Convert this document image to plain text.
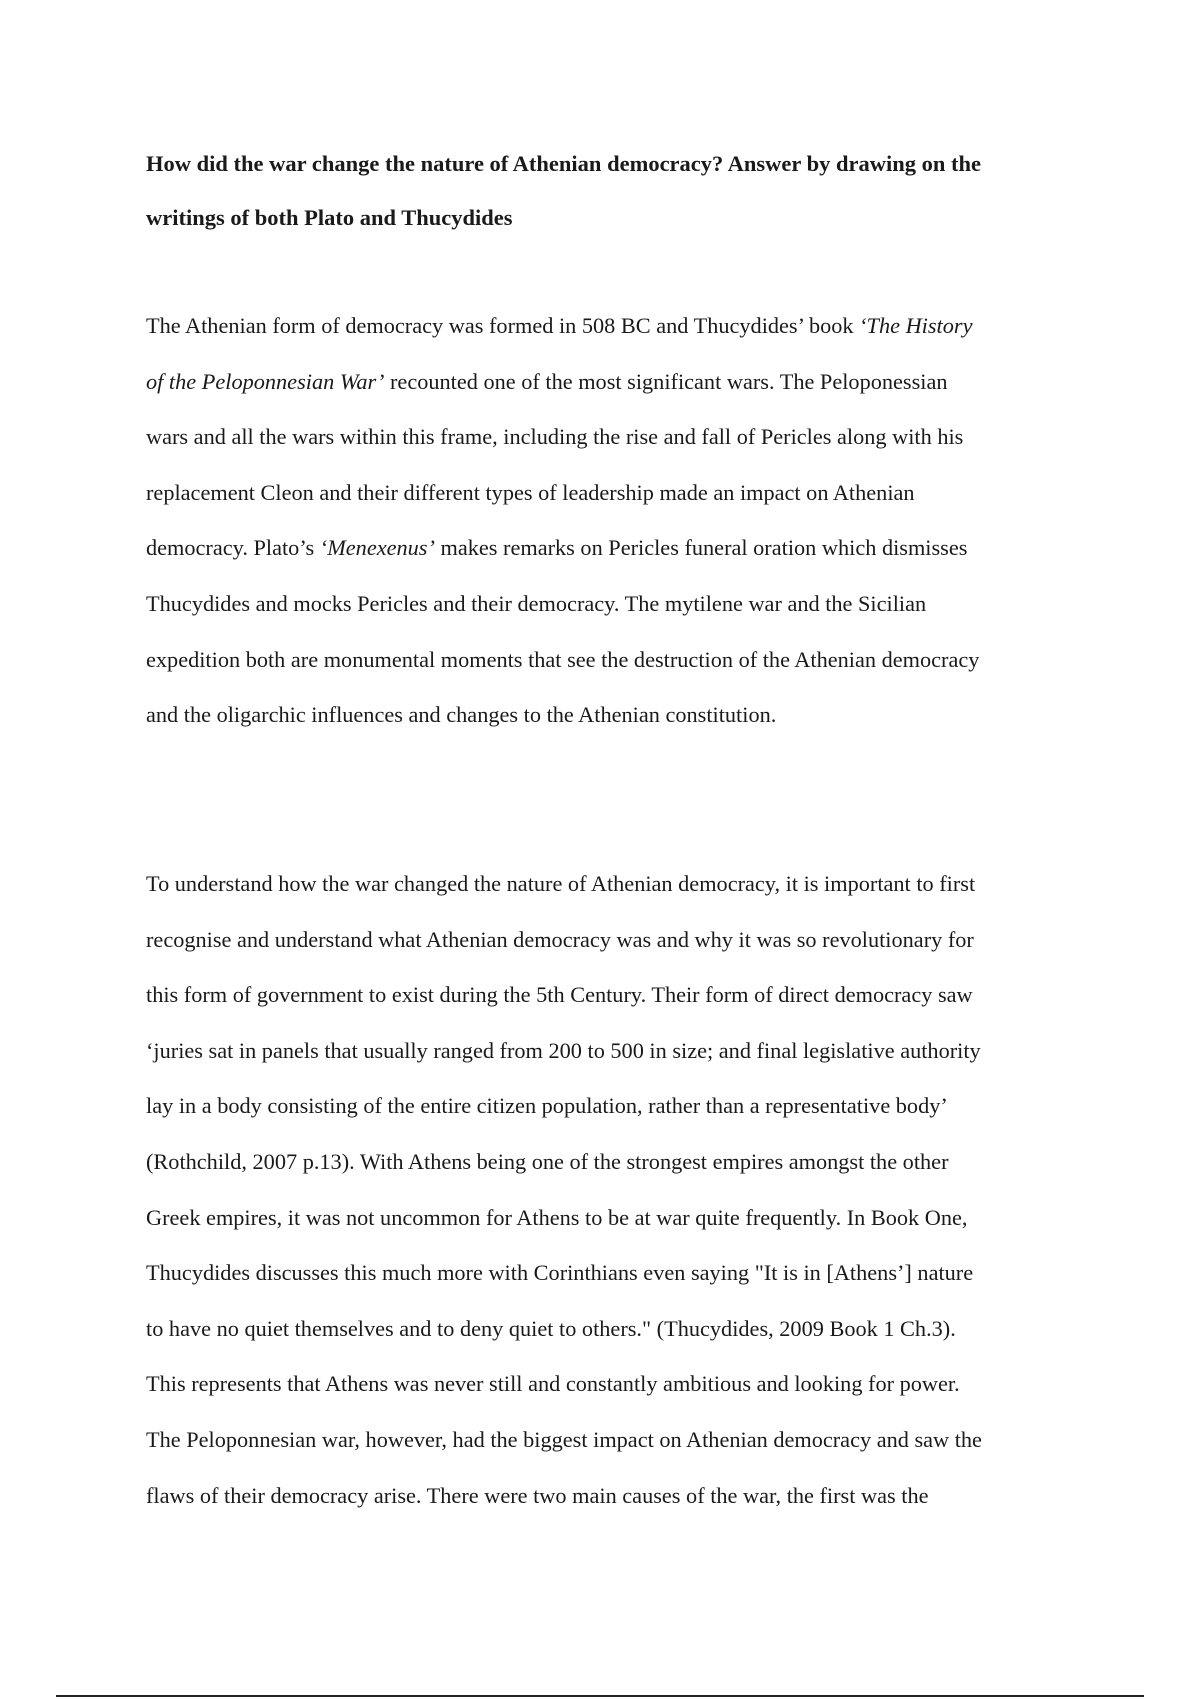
How did the war change the nature of Athenian democracy? Answer by drawing on the
writings of both Plato and Thucydides

The Athenian form of democracy was formed in 508 BC and Thucydides’ book ‘The History
of the Peloponnesian War’ recounted one of the most significant wars. The Peloponessian
wars and all the wars within this frame, including the rise and fall of Pericles along with his
replacement Cleon and their different types of leadership made an impact on Athenian
democracy. Plato’s ‘Menexenus’ makes remarks on Pericles funeral oration which dismisses
Thucydides and mocks Pericles and their democracy. The mytilene war and the Sicilian
expedition both are monumental moments that see the destruction of the Athenian democracy
and the oligarchic influences and changes to the Athenian constitution.

To understand how the war changed the nature of Athenian democracy, it is important to first
recognise and understand what Athenian democracy was and why it was so revolutionary for
this form of government to exist during the 5th Century. Their form of direct democracy saw
‘juries sat in panels that usually ranged from 200 to 500 in size; and final legislative authority
lay in a body consisting of the entire citizen population, rather than a representative body’
(Rothchild, 2007 p.13). With Athens being one of the strongest empires amongst the other
Greek empires, it was not uncommon for Athens to be at war quite frequently. In Book One,
Thucydides discusses this much more with Corinthians even saying "It is in [Athens’] nature
to have no quiet themselves and to deny quiet to others." (Thucydides, 2009 Book 1 Ch.3).
This represents that Athens was never still and constantly ambitious and looking for power.
The Peloponnesian war, however, had the biggest impact on Athenian democracy and saw the
flaws of their democracy arise. There were two main causes of the war, the first was the
